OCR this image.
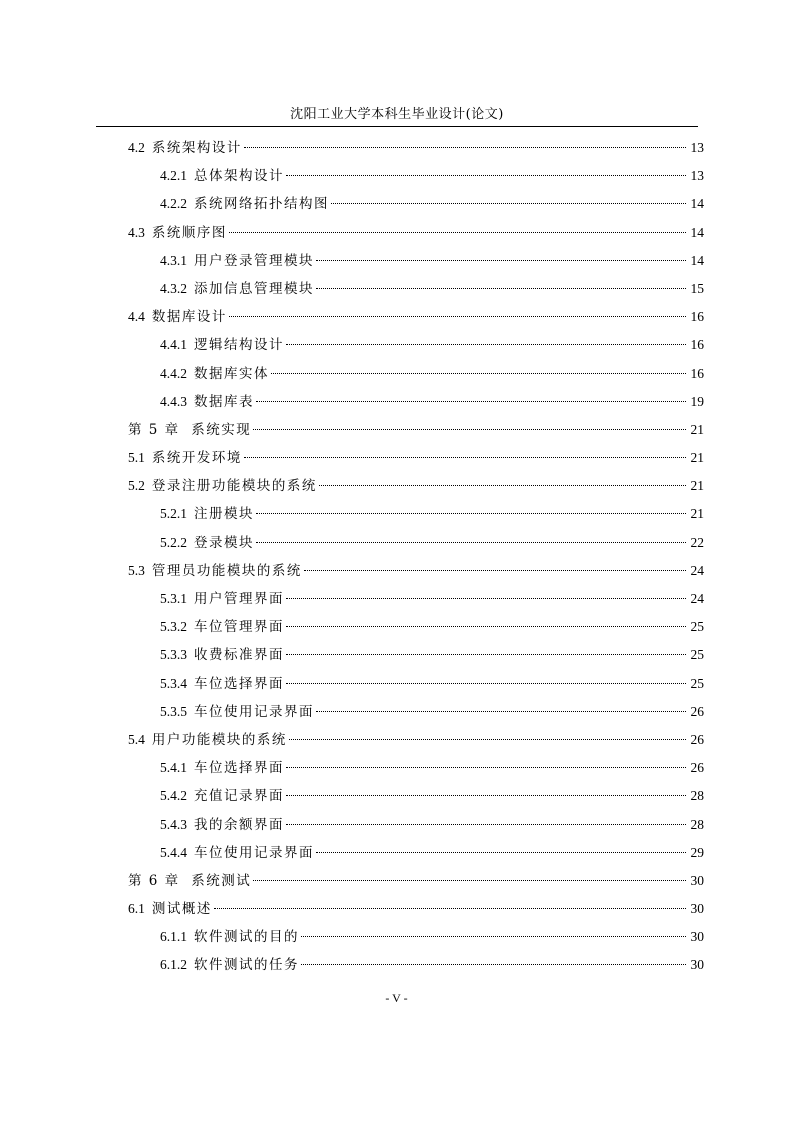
沈阳工业大学本科生毕业设计(论文)
4.2 系统架构设计	13
4.2.1 总体架构设计	13
4.2.2 系统网络拓扑结构图	14
4.3 系统顺序图	14
4.3.1 用户登录管理模块	14
4.3.2 添加信息管理模块	15
4.4 数据库设计	16
4.4.1 逻辑结构设计	16
4.4.2 数据库实体	16
4.4.3 数据库表	19
第 5 章  系统实现	21
5.1 系统开发环境	21
5.2 登录注册功能模块的系统	21
5.2.1 注册模块	21
5.2.2 登录模块	22
5.3 管理员功能模块的系统	24
5.3.1 用户管理界面	24
5.3.2 车位管理界面	25
5.3.3 收费标准界面	25
5.3.4 车位选择界面	25
5.3.5 车位使用记录界面	26
5.4 用户功能模块的系统	26
5.4.1 车位选择界面	26
5.4.2 充值记录界面	28
5.4.3 我的余额界面	28
5.4.4 车位使用记录界面	29
第 6 章  系统测试	30
6.1 测试概述	30
6.1.1 软件测试的目的	30
6.1.2 软件测试的任务	30
- V -
